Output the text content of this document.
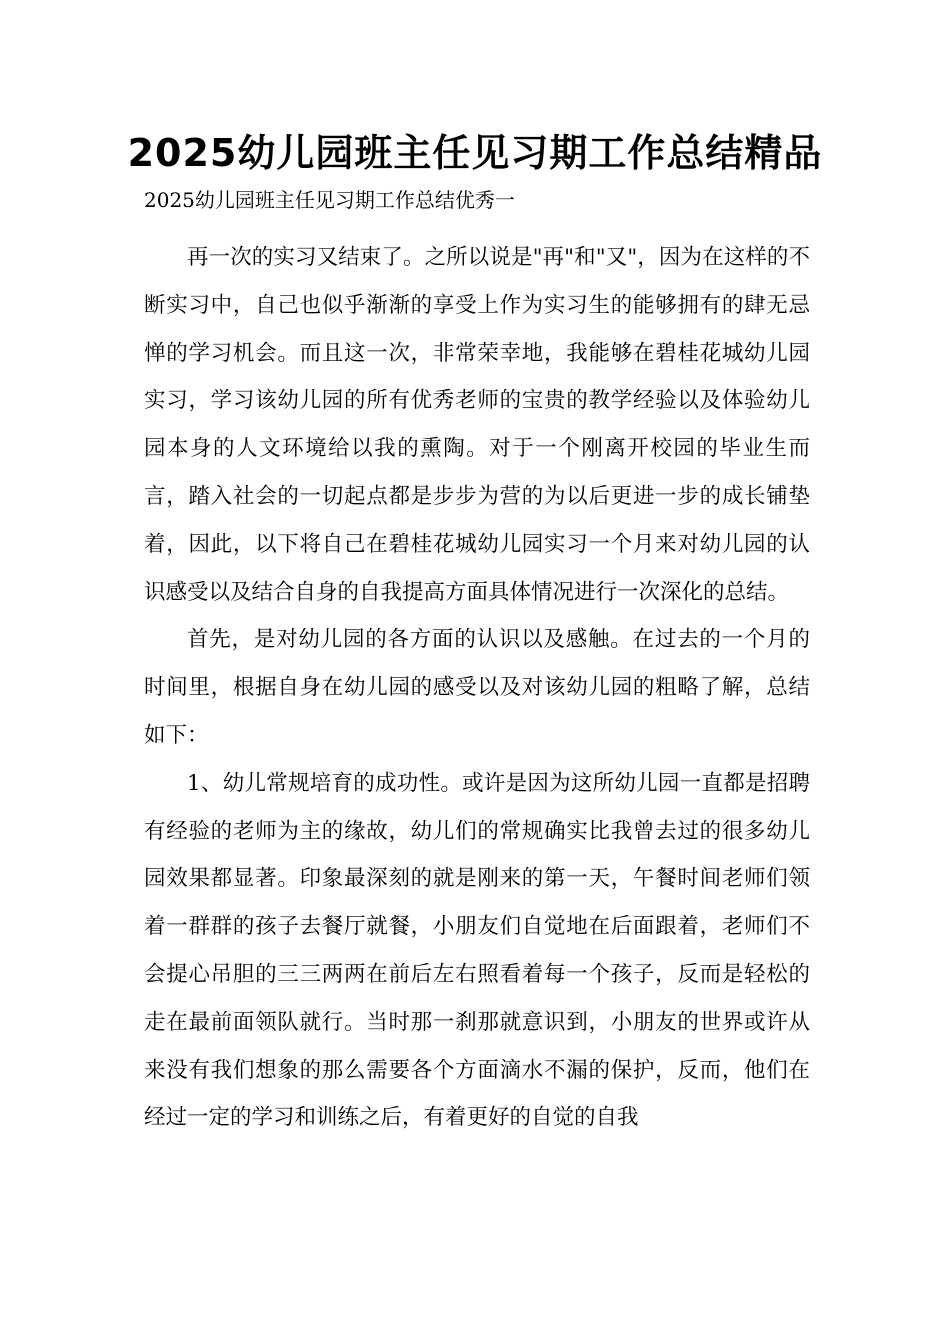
2025幼儿园班主任见习期工作总结精品

2025幼儿园班主任见习期工作总结优秀一

再一次的实习又结束了。之所以说是"再"和"又"，因为在这样的不断实习中，自己也似乎渐渐的享受上作为实习生的能够拥有的肆无忌惮的学习机会。而且这一次，非常荣幸地，我能够在碧桂花城幼儿园实习，学习该幼儿园的所有优秀老师的宝贵的教学经验以及体验幼儿园本身的人文环境给以我的熏陶。对于一个刚离开校园的毕业生而言，踏入社会的一切起点都是步步为营的为以后更进一步的成长铺垫着，因此，以下将自己在碧桂花城幼儿园实习一个月来对幼儿园的认识感受以及结合自身的自我提高方面具体情况进行一次深化的总结。

首先，是对幼儿园的各方面的认识以及感触。在过去的一个月的时间里，根据自身在幼儿园的感受以及对该幼儿园的粗略了解，总结如下：

1、幼儿常规培育的成功性。或许是因为这所幼儿园一直都是招聘有经验的老师为主的缘故，幼儿们的常规确实比我曾去过的很多幼儿园效果都显著。印象最深刻的就是刚来的第一天，午餐时间老师们领着一群群的孩子去餐厅就餐，小朋友们自觉地在后面跟着，老师们不会提心吊胆的三三两两在前后左右照看着每一个孩子，反而是轻松的走在最前面领队就行。当时那一刹那就意识到，小朋友的世界或许从来没有我们想象的那么需要各个方面滴水不漏的保护，反而，他们在经过一定的学习和训练之后，有着更好的自觉的自我
